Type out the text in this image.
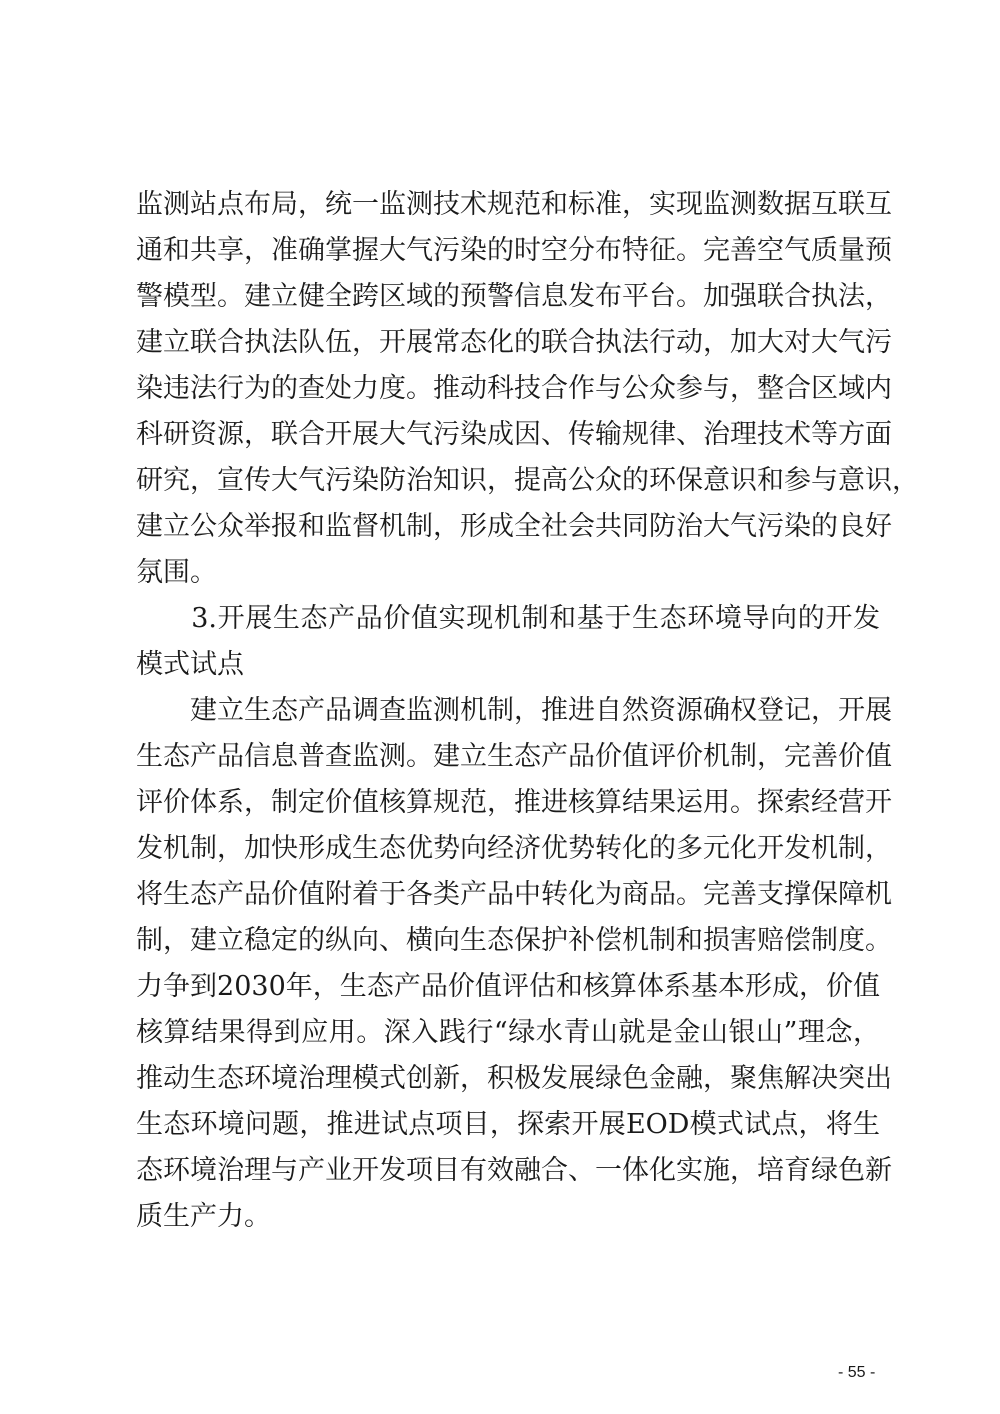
监测站点布局，统一监测技术规范和标准，实现监测数据互联互
通和共享，准确掌握大气污染的时空分布特征。完善空气质量预
警模型。建立健全跨区域的预警信息发布平台。加强联合执法，
建立联合执法队伍，开展常态化的联合执法行动，加大对大气污
染违法行为的查处力度。推动科技合作与公众参与，整合区域内
科研资源，联合开展大气污染成因、传输规律、治理技术等方面
研究，宣传大气污染防治知识，提高公众的环保意识和参与意识，
建立公众举报和监督机制，形成全社会共同防治大气污染的良好
氛围。
　　3.开展生态产品价值实现机制和基于生态环境导向的开发
模式试点
　　建立生态产品调查监测机制，推进自然资源确权登记，开展
生态产品信息普查监测。建立生态产品价值评价机制，完善价值
评价体系，制定价值核算规范，推进核算结果运用。探索经营开
发机制，加快形成生态优势向经济优势转化的多元化开发机制，
将生态产品价值附着于各类产品中转化为商品。完善支撑保障机
制，建立稳定的纵向、横向生态保护补偿机制和损害赔偿制度。
力争到2030年，生态产品价值评估和核算体系基本形成，价值
核算结果得到应用。深入践行“绿水青山就是金山银山”理念，
推动生态环境治理模式创新，积极发展绿色金融，聚焦解决突出
生态环境问题，推进试点项目，探索开展EOD模式试点，将生
态环境治理与产业开发项目有效融合、一体化实施，培育绿色新
质生产力。
- 55 -
